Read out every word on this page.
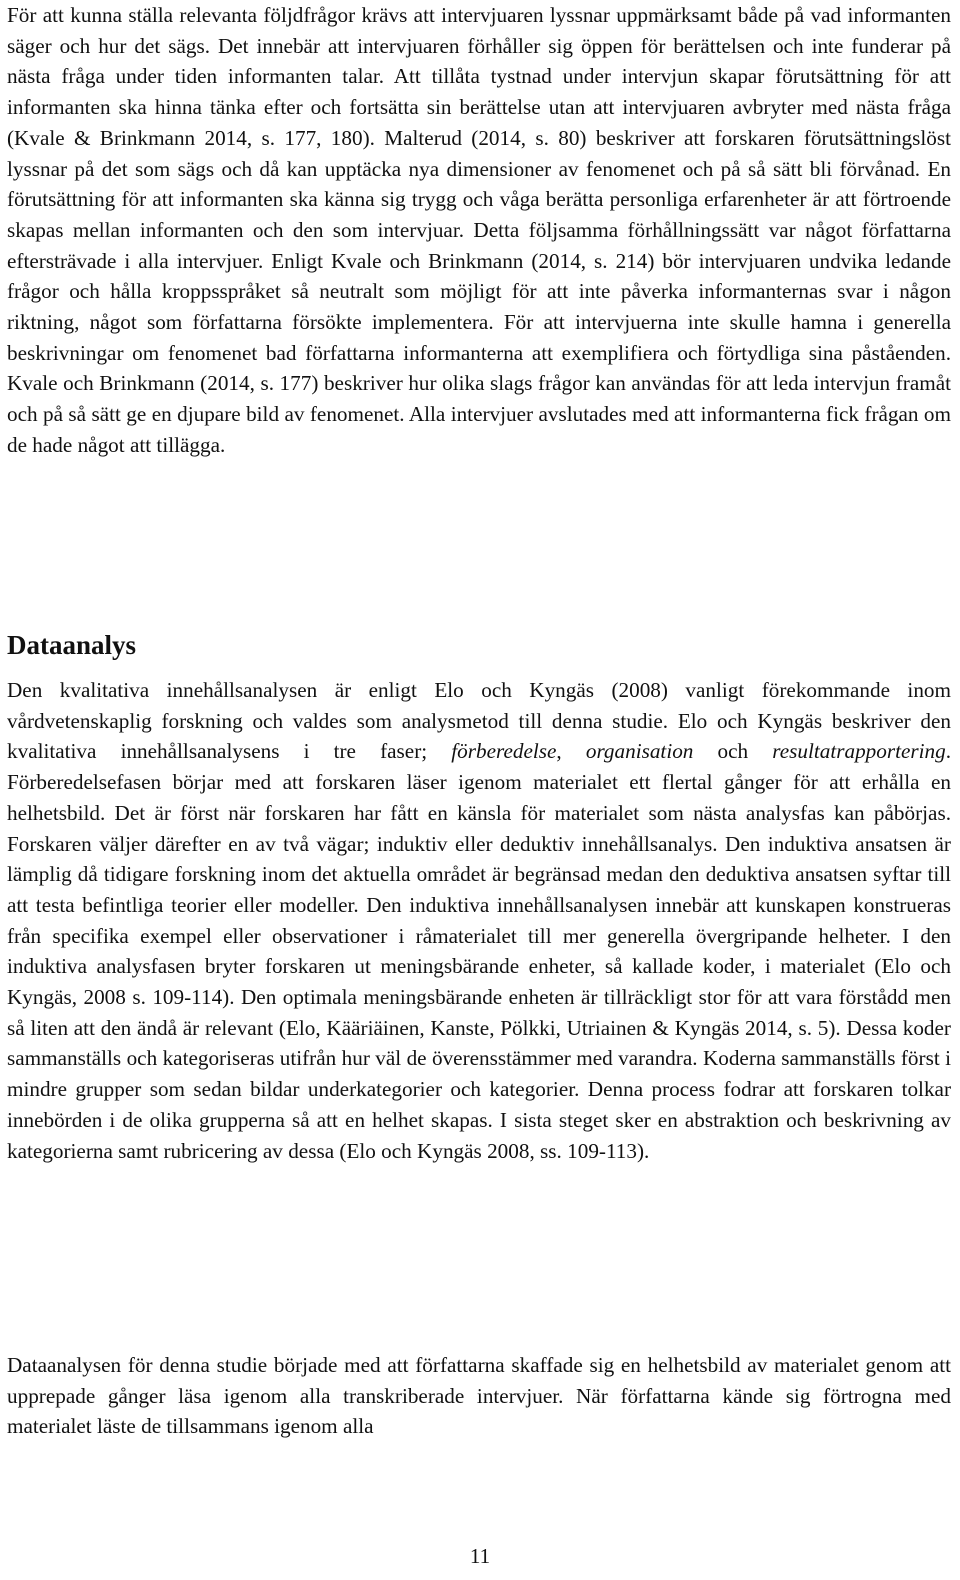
För att kunna ställa relevanta följdfrågor krävs att intervjuaren lyssnar uppmärksamt både på vad informanten säger och hur det sägs. Det innebär att intervjuaren förhåller sig öppen för berättelsen och inte funderar på nästa fråga under tiden informanten talar. Att tillåta tystnad under intervjun skapar förutsättning för att informanten ska hinna tänka efter och fortsätta sin berättelse utan att intervjuaren avbryter med nästa fråga (Kvale & Brinkmann 2014, s. 177, 180). Malterud (2014, s. 80) beskriver att forskaren förutsättningslöst lyssnar på det som sägs och då kan upptäcka nya dimensioner av fenomenet och på så sätt bli förvånad. En förutsättning för att informanten ska känna sig trygg och våga berätta personliga erfarenheter är att förtroende skapas mellan informanten och den som intervjuar. Detta följsamma förhållningssätt var något författarna eftersträvade i alla intervjuer. Enligt Kvale och Brinkmann (2014, s. 214) bör intervjuaren undvika ledande frågor och hålla kroppsspråket så neutralt som möjligt för att inte påverka informanternas svar i någon riktning, något som författarna försökte implementera. För att intervjuerna inte skulle hamna i generella beskrivningar om fenomenet bad författarna informanterna att exemplifiera och förtydliga sina påståenden. Kvale och Brinkmann (2014, s. 177) beskriver hur olika slags frågor kan användas för att leda intervjun framåt och på så sätt ge en djupare bild av fenomenet. Alla intervjuer avslutades med att informanterna fick frågan om de hade något att tillägga.

Dataanalys

Den kvalitativa innehållsanalysen är enligt Elo och Kyngäs (2008) vanligt förekommande inom vårdvetenskaplig forskning och valdes som analysmetod till denna studie. Elo och Kyngäs beskriver den kvalitativa innehållsanalysens i tre faser; förberedelse, organisation och resultatrapportering. Förberedelsefasen börjar med att forskaren läser igenom materialet ett flertal gånger för att erhålla en helhetsbild. Det är först när forskaren har fått en känsla för materialet som nästa analysfas kan påbörjas. Forskaren väljer därefter en av två vägar; induktiv eller deduktiv innehållsanalys. Den induktiva ansatsen är lämplig då tidigare forskning inom det aktuella området är begränsad medan den deduktiva ansatsen syftar till att testa befintliga teorier eller modeller. Den induktiva innehållsanalysen innebär att kunskapen konstrueras från specifika exempel eller observationer i råmaterialet till mer generella övergripande helheter. I den induktiva analysfasen bryter forskaren ut meningsbärande enheter, så kallade koder, i materialet (Elo och Kyngäs, 2008 s. 109-114). Den optimala meningsbärande enheten är tillräckligt stor för att vara förstådd men så liten att den ändå är relevant (Elo, Kääriäinen, Kanste, Pölkki, Utriainen & Kyngäs 2014, s. 5). Dessa koder sammanställs och kategoriseras utifrån hur väl de överensstämmer med varandra. Koderna sammanställs först i mindre grupper som sedan bildar underkategorier och kategorier. Denna process fodrar att forskaren tolkar innebörden i de olika grupperna så att en helhet skapas. I sista steget sker en abstraktion och beskrivning av kategorierna samt rubricering av dessa (Elo och Kyngäs 2008, ss. 109-113).

Dataanalysen för denna studie började med att författarna skaffade sig en helhetsbild av materialet genom att upprepade gånger läsa igenom alla transkriberade intervjuer. När författarna kände sig förtrogna med materialet läste de tillsammans igenom alla

11
